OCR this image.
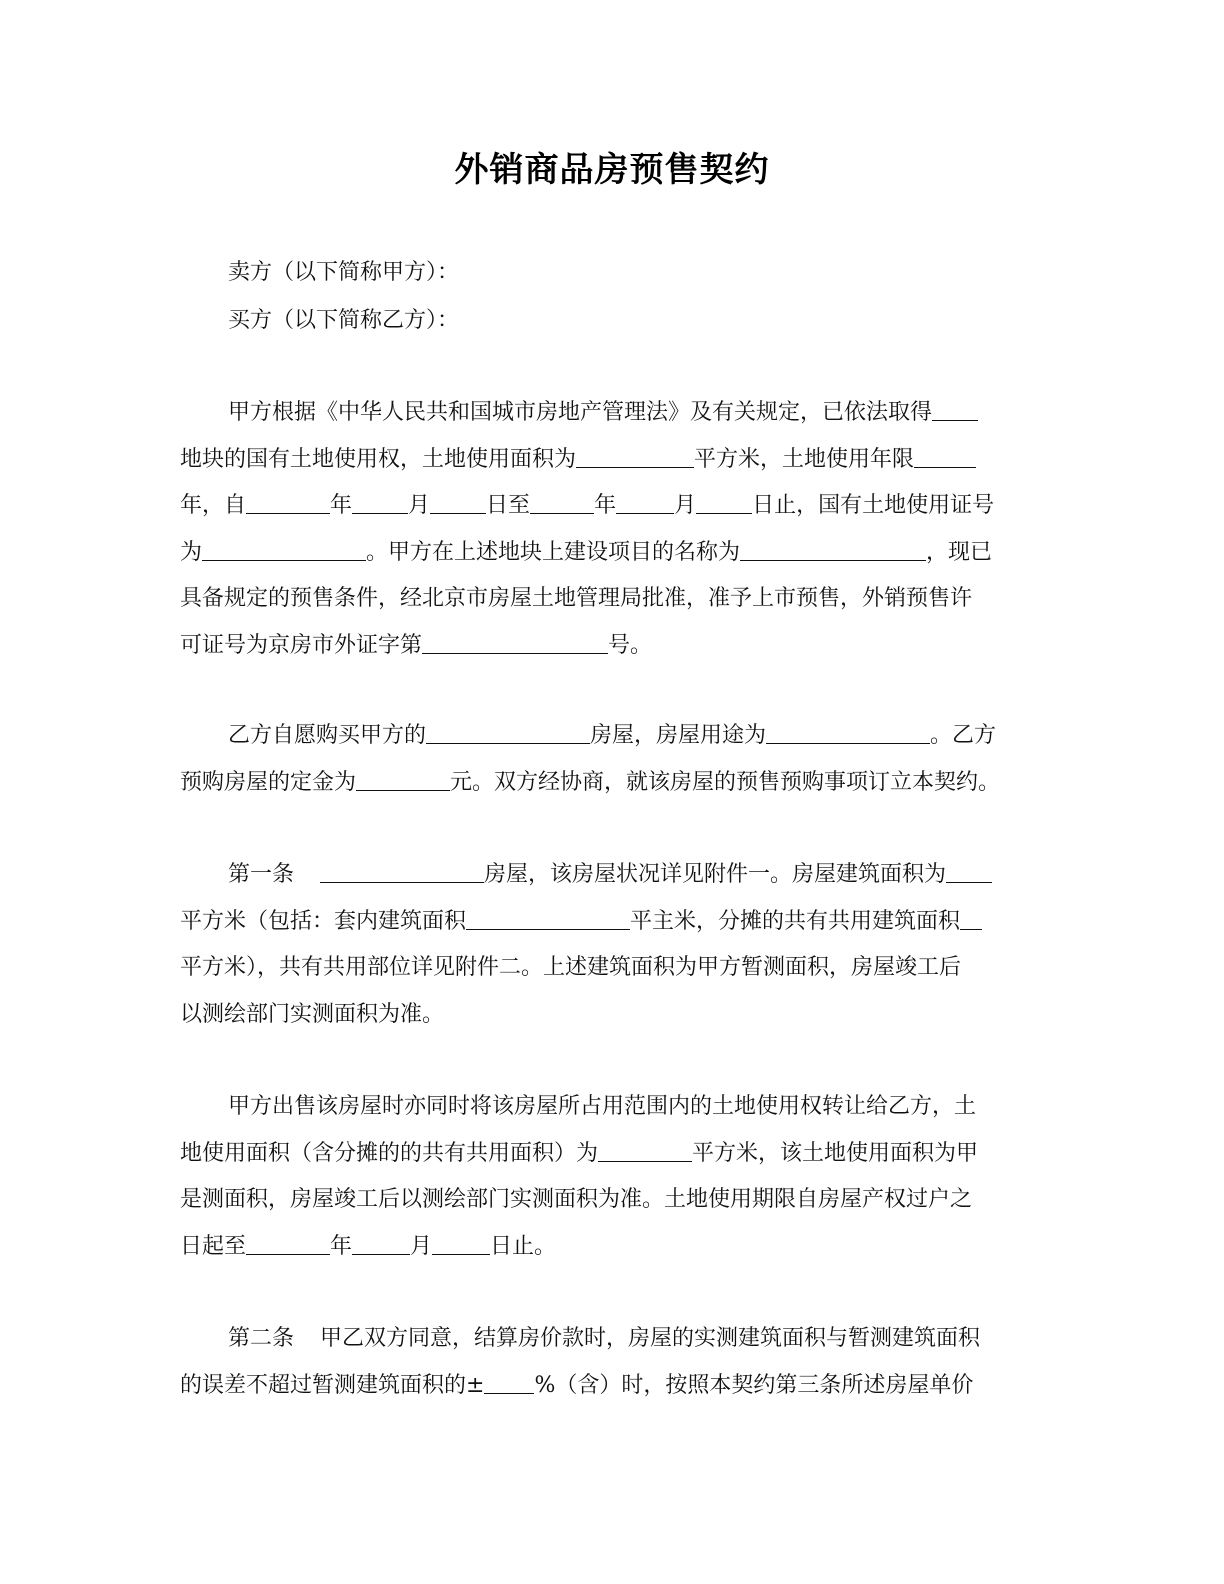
外销商品房预售契约
卖方（以下简称甲方）：
买方（以下简称乙方）：
甲方根据《中华人民共和国城市房地产管理法》及有关规定，已依法取得
地块的国有土地使用权，土地使用面积为	平方米，土地使用年限
年，自	年	月	日至	年	月	日止，国有土地使用证号
为	。甲方在上述地块上建设项目的名称为	，现已
具备规定的预售条件，经北京市房屋土地管理局批准，准予上市预售，外销预售许
可证号为京房市外证字第	号。
乙方自愿购买甲方的	房屋，房屋用途为	。乙方
预购房屋的定金为	元。双方经协商，就该房屋的预售预购事项订立本契约。
第一条	房屋，该房屋状况详见附件一。房屋建筑面积为
平方米（包括：套内建筑面积	平主米，分摊的共有共用建筑面积
平方米），共有共用部位详见附件二。上述建筑面积为甲方暂测面积，房屋竣工后
以测绘部门实测面积为准。
甲方出售该房屋时亦同时将该房屋所占用范围内的土地使用权转让给乙方，土
地使用面积（含分摊的的共有共用面积）为	平方米，该土地使用面积为甲
是测面积，房屋竣工后以测绘部门实测面积为准。土地使用期限自房屋产权过户之
日起至	年	月	日止。
第二条 甲乙双方同意，结算房价款时，房屋的实测建筑面积与暂测建筑面积
的误差不超过暂测建筑面积的± %（含）时，按照本契约第三条所述房屋单价
